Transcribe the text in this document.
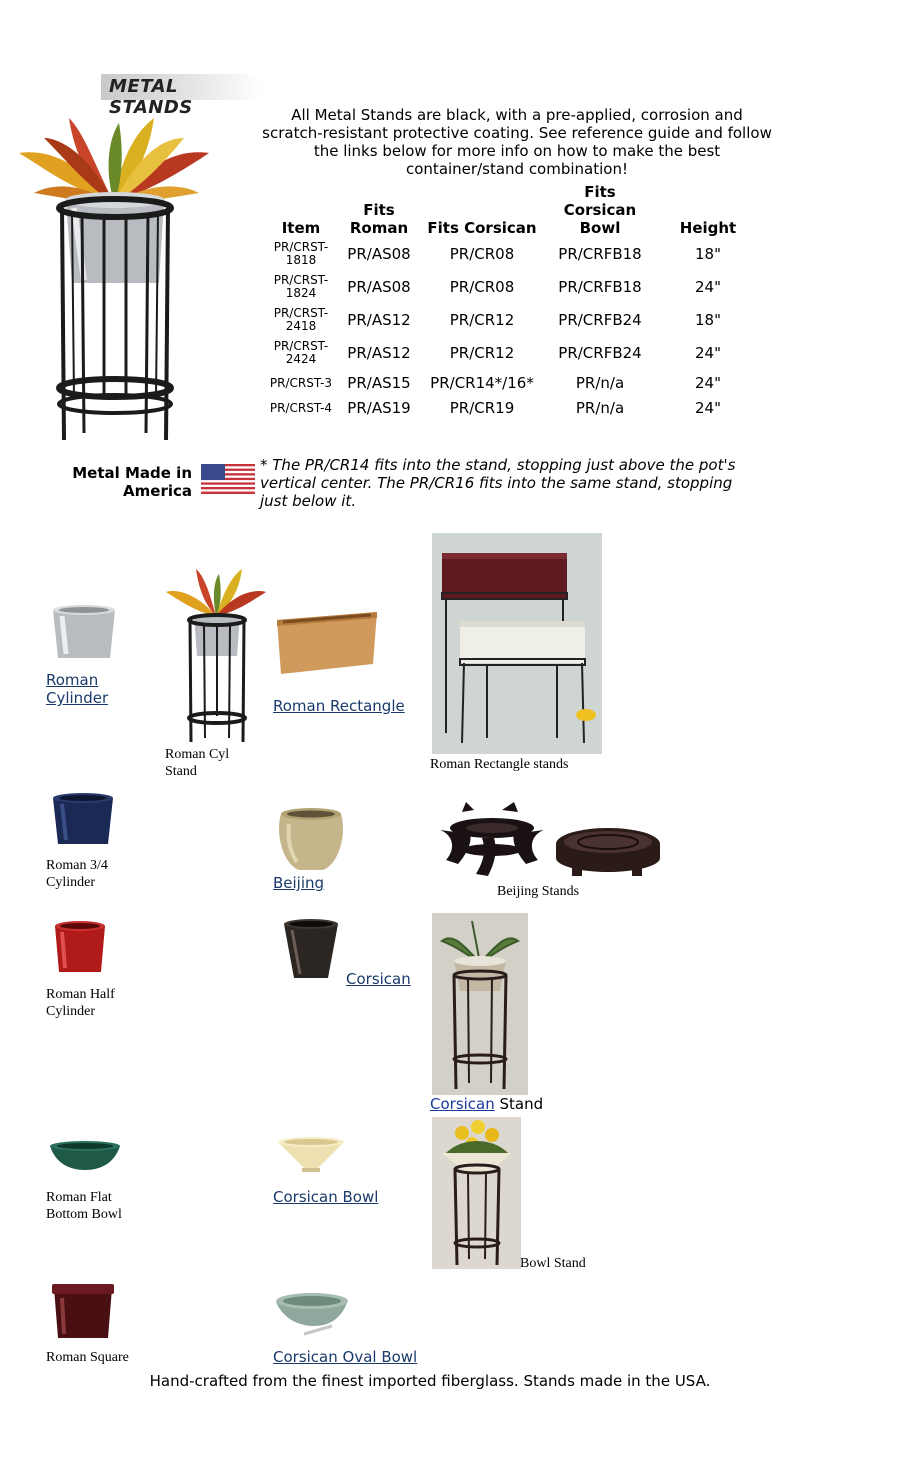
METAL STANDS	All Metal Stands are black, with a pre-applied, corrosion and scratch-resistant protective coating. See reference guide and follow the links below for more info on how to make the best container/stand combination!
Item	Fits Roman	Fits Corsican	Fits Corsican Bowl	Height
PR/CRST-1818	PR/AS08	PR/CR08	PR/CRFB18	18"
PR/CRST-1824	PR/AS08	PR/CR08	PR/CRFB18	24"
PR/CRST-2418	PR/AS12	PR/CR12	PR/CRFB24	18"
PR/CRST-2424	PR/AS12	PR/CR12	PR/CRFB24	24"
PR/CRST-3	PR/AS15	PR/CR14*/16*	PR/n/a	24"
PR/CRST-4	PR/AS19	PR/CR19	PR/n/a	24"
Metal Made in America
* The PR/CR14 fits into the stand, stopping just above the pot's vertical center. The PR/CR16 fits into the same stand, stopping just below it.
Roman Cylinder
Roman Cyl Stand
Roman Rectangle
Roman Rectangle stands
Roman 3/4 Cylinder	Beijing	Beijing Stands
Roman Half Cylinder
Corsican
Corsican Stand
Roman Flat Bottom Bowl
Corsican Bowl
Bowl Stand
Roman Square	Corsican Oval Bowl
Hand-crafted from the finest imported fiberglass. Stands made in the USA.
